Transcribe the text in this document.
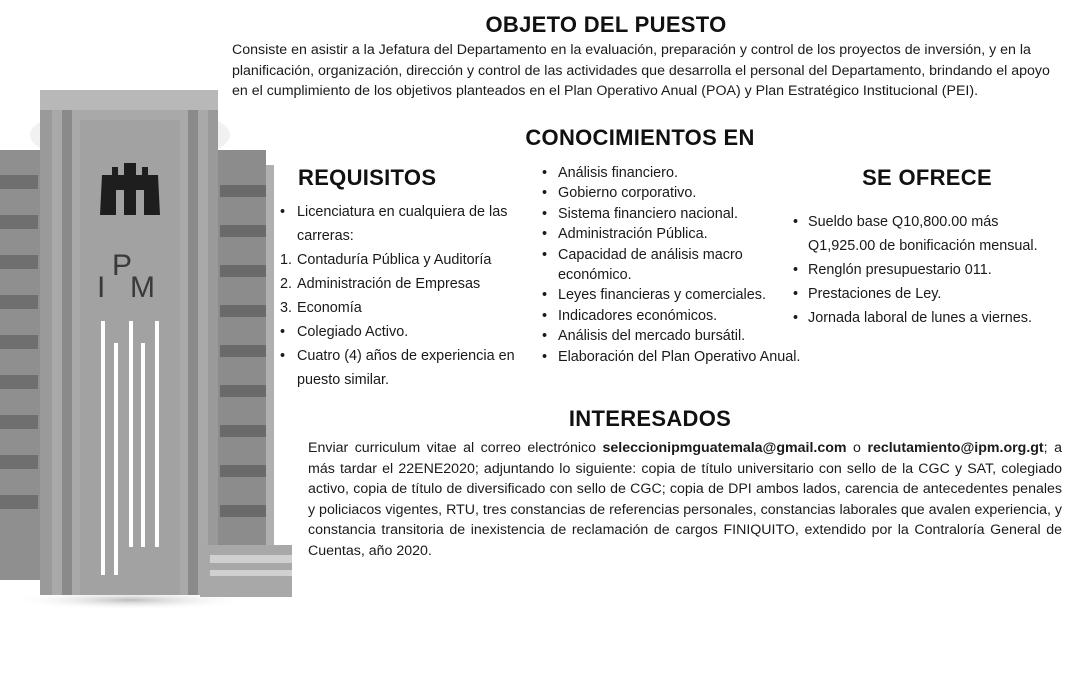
I
P
M
OBJETO DEL PUESTO

Consiste en asistir a la Jefatura del Departamento en la evaluación, preparación y control de los proyectos de inversión, y en la planificación, organización, dirección y control de las actividades que desarrolla el personal del Departamento, brindando el apoyo en el cumplimiento de los objetivos planteados en el Plan Operativo Anual (POA) y Plan Estratégico Institucional (PEI).

CONOCIMIENTOS EN
REQUISITOS	SE OFRECE
• Licenciatura en cualquiera de las carreras:
1. Contaduría Pública y Auditoría
2. Administración de Empresas
3. Economía
• Colegiado Activo.
• Cuatro (4) años de experiencia en puesto similar.
• Análisis financiero.
• Gobierno corporativo.
• Sistema financiero nacional.
• Administración Pública.
• Capacidad de análisis macro económico.
• Leyes financieras y comerciales.
• Indicadores económicos.
• Análisis del mercado bursátil.
• Elaboración del Plan Operativo Anual.
• Sueldo base Q10,800.00 más Q1,925.00 de bonificación mensual.
• Renglón presupuestario 011.
• Prestaciones de Ley.
• Jornada laboral de lunes a viernes.
INTERESADOS

Enviar curriculum vitae al correo electrónico seleccionipmguatemala@gmail.com o reclutamiento@ipm.org.gt; a más tardar el 22ENE2020; adjuntando lo siguiente: copia de título universitario con sello de la CGC y SAT, colegiado activo, copia de título de diversificado con sello de CGC; copia de DPI ambos lados, carencia de antecedentes penales y policiacos vigentes, RTU, tres constancias de referencias personales, constancias laborales que avalen experiencia, y constancia transitoria de inexistencia de reclamación de cargos FINIQUITO, extendido por la Contraloría General de Cuentas, año 2020.
